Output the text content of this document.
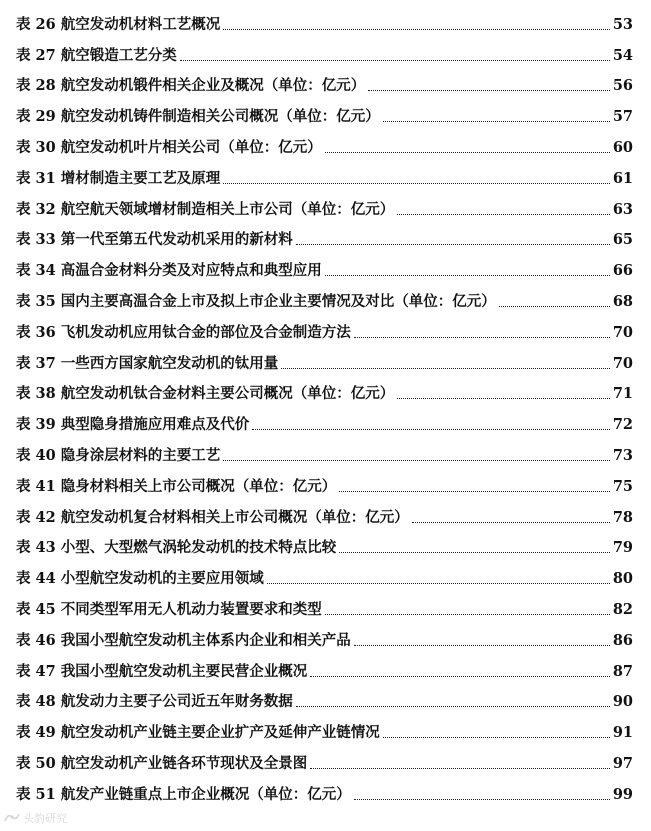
表 26 航空发动机材料工艺概况	53
表 27 航空锻造工艺分类	54
表 28 航空发动机锻件相关企业及概况（单位：亿元）	56
表 29 航空发动机铸件制造相关公司概况（单位：亿元）	57
表 30 航空发动机叶片相关公司（单位：亿元）	60
表 31 增材制造主要工艺及原理	61
表 32 航空航天领域增材制造相关上市公司（单位：亿元）	63
表 33 第一代至第五代发动机采用的新材料	65
表 34 高温合金材料分类及对应特点和典型应用	66
表 35 国内主要高温合金上市及拟上市企业主要情况及对比（单位：亿元）	68
表 36 飞机发动机应用钛合金的部位及合金制造方法	70
表 37 一些西方国家航空发动机的钛用量	70
表 38 航空发动机钛合金材料主要公司概况（单位：亿元）	71
表 39 典型隐身措施应用难点及代价	72
表 40 隐身涂层材料的主要工艺	73
表 41 隐身材料相关上市公司概况（单位：亿元）	75
表 42 航空发动机复合材料相关上市公司概况（单位：亿元）	78
表 43 小型、大型燃气涡轮发动机的技术特点比较	79
表 44 小型航空发动机的主要应用领域	80
表 45 不同类型军用无人机动力装置要求和类型	82
表 46 我国小型航空发动机主体系内企业和相关产品	86
表 47 我国小型航空发动机主要民营企业概况	87
表 48 航发动力主要子公司近五年财务数据	90
表 49 航空发动机产业链主要企业扩产及延伸产业链情况	91
表 50 航空发动机产业链各环节现状及全景图	97
表 51 航发产业链重点上市企业概况（单位：亿元）	99
头豹研究
